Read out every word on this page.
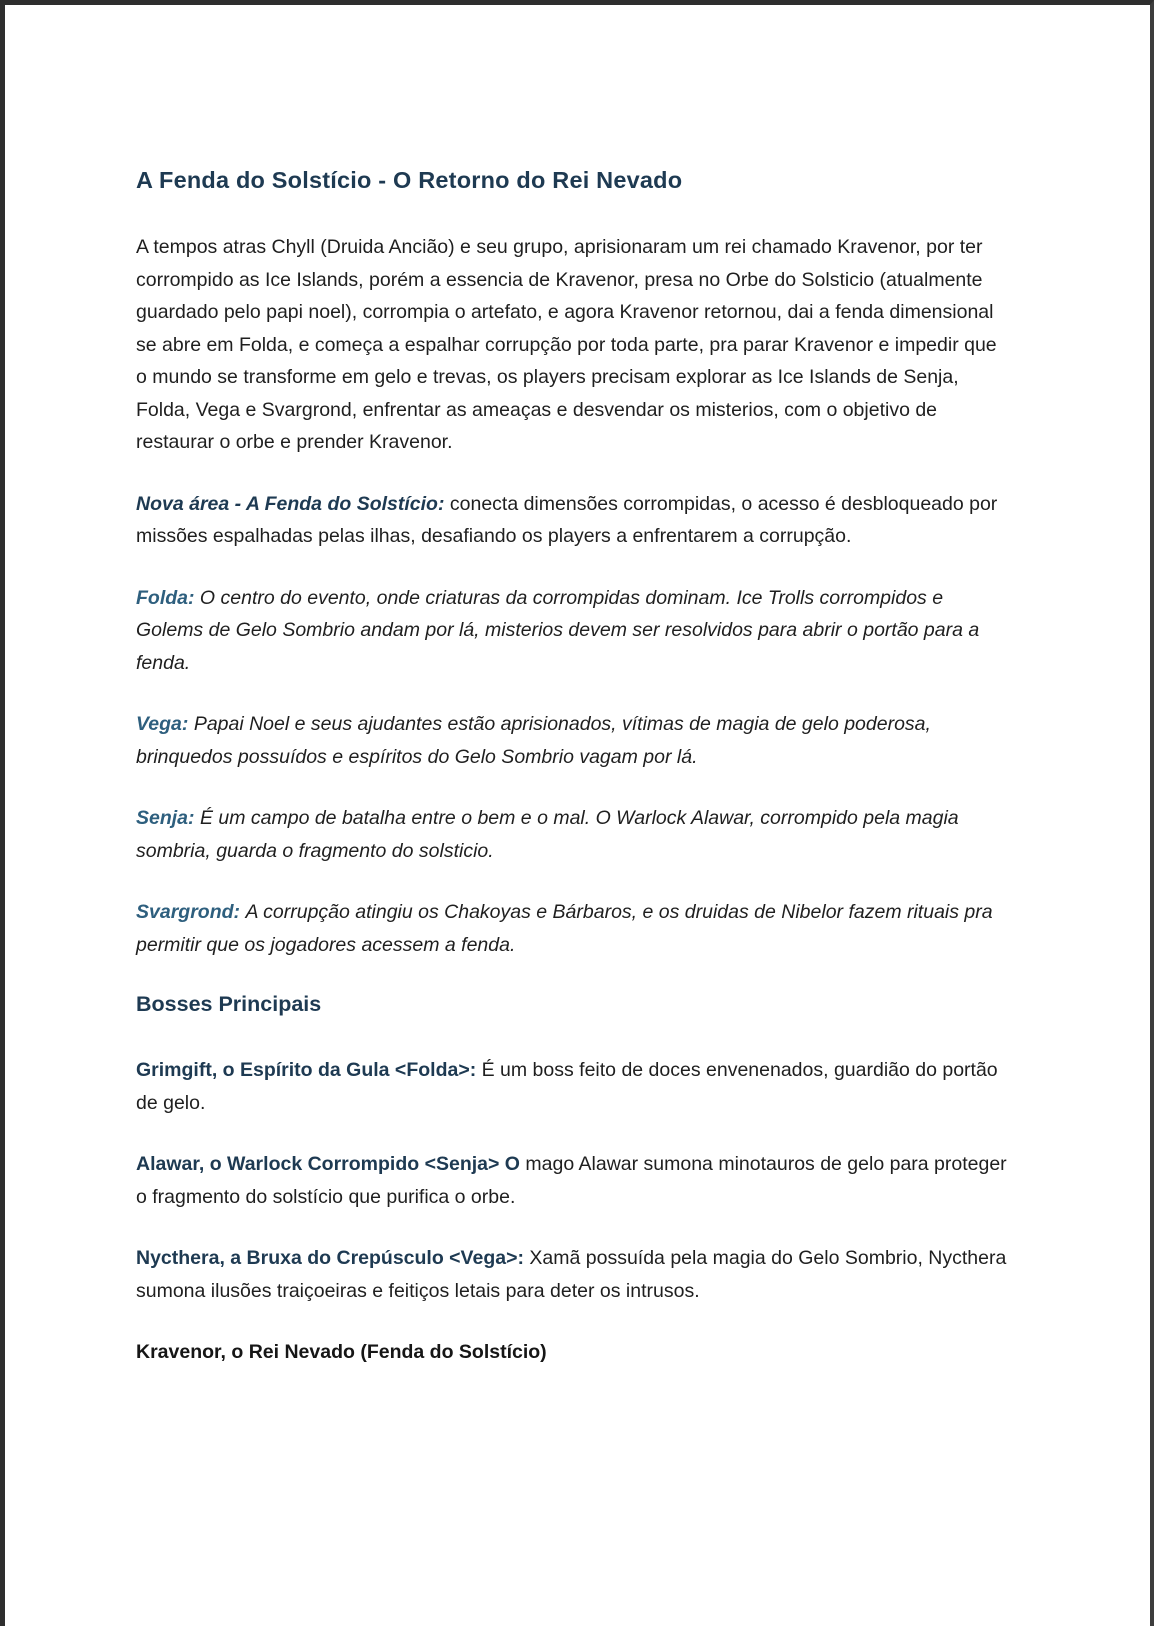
A Fenda do Solstício - O Retorno do Rei Nevado

A tempos atras Chyll (Druida Ancião) e seu grupo, aprisionaram um rei chamado Kravenor, por ter corrompido as Ice Islands, porém a essencia de Kravenor, presa no Orbe do Solsticio (atualmente guardado pelo papi noel), corrompia o artefato, e agora Kravenor retornou, dai a fenda dimensional se abre em Folda, e começa a espalhar corrupção por toda parte, pra parar Kravenor e impedir que o mundo se transforme em gelo e trevas, os players precisam explorar as Ice Islands de Senja, Folda, Vega e Svargrond, enfrentar as ameaças e desvendar os misterios, com o objetivo de restaurar o orbe e prender Kravenor.

Nova área - A Fenda do Solstício: conecta dimensões corrompidas, o acesso é desbloqueado por missões espalhadas pelas ilhas, desafiando os players a enfrentarem a corrupção.

Folda: O centro do evento, onde criaturas da corrompidas dominam. Ice Trolls corrompidos e Golems de Gelo Sombrio andam por lá, misterios devem ser resolvidos para abrir o portão para a fenda.

Vega: Papai Noel e seus ajudantes estão aprisionados, vítimas de magia de gelo poderosa, brinquedos possuídos e espíritos do Gelo Sombrio vagam por lá.

Senja: É um campo de batalha entre o bem e o mal. O Warlock Alawar, corrompido pela magia sombria, guarda o fragmento do solsticio.

Svargrond: A corrupção atingiu os Chakoyas e Bárbaros, e os druidas de Nibelor fazem rituais pra permitir que os jogadores acessem a fenda.

Bosses Principais

Grimgift, o Espírito da Gula <Folda>: É um boss feito de doces envenenados, guardião do portão de gelo.

Alawar, o Warlock Corrompido <Senja> O mago Alawar sumona minotauros de gelo para proteger o fragmento do solstício que purifica o orbe.

Nycthera, a Bruxa do Crepúsculo <Vega>: Xamã possuída pela magia do Gelo Sombrio, Nycthera sumona ilusões traiçoeiras e feitiços letais para deter os intrusos.

Kravenor, o Rei Nevado (Fenda do Solstício)
